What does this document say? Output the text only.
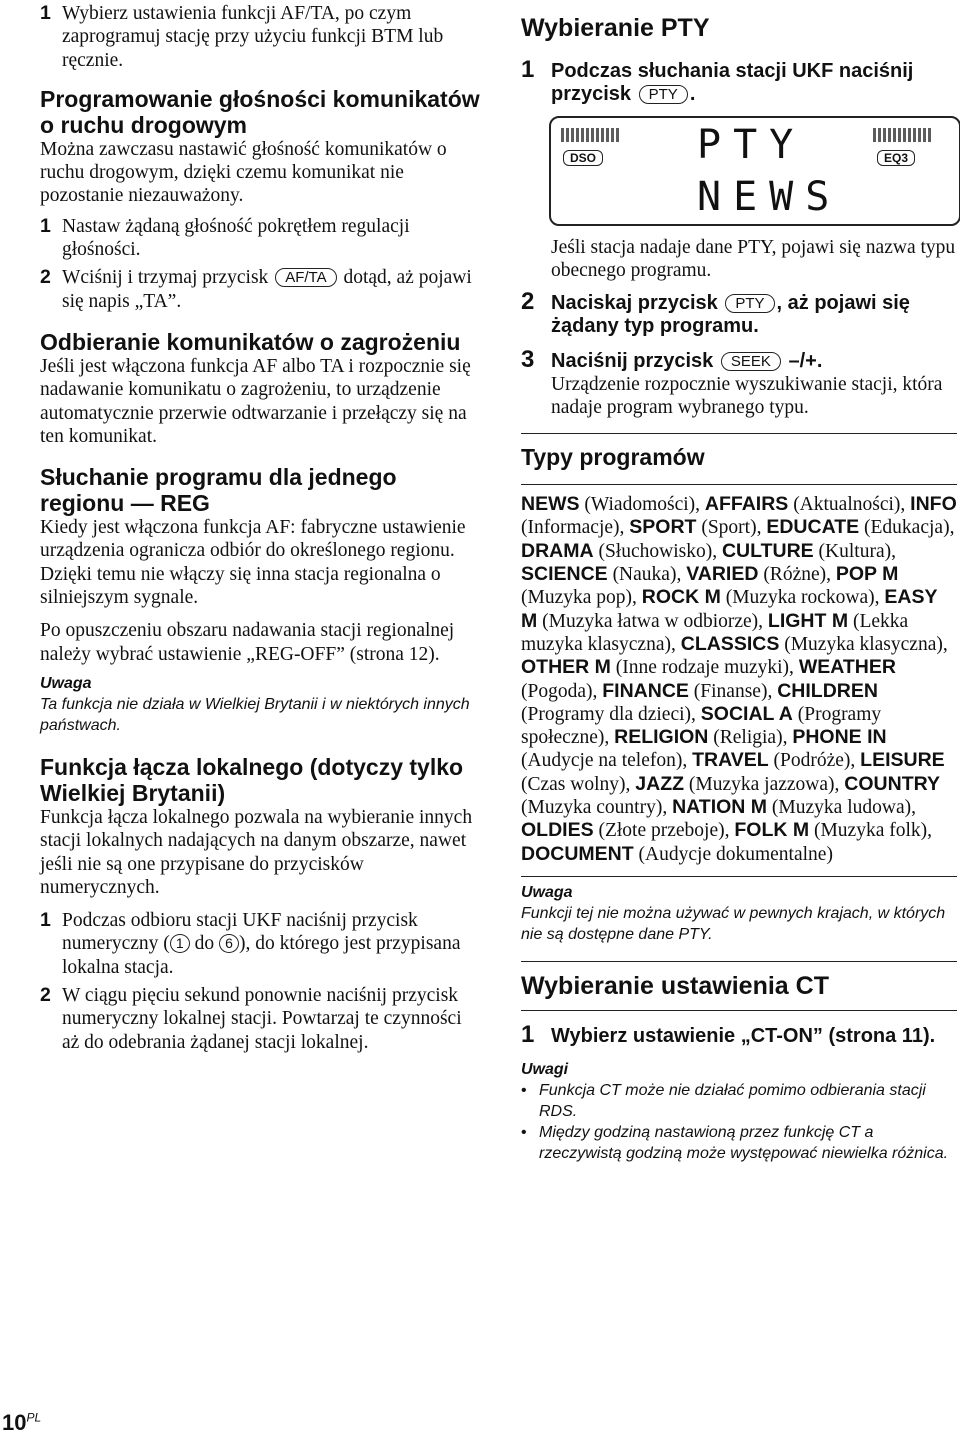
1 Wybierz ustawienia funkcji AF/TA, po czym zaprogramuj stację przy użyciu funkcji BTM lub ręcznie.
Programowanie głośności komunikatów o ruchu drogowym
Można zawczasu nastawić głośność komunikatów o ruchu drogowym, dzięki czemu komunikat nie pozostanie niezauważony.
1 Nastaw żądaną głośność pokrętłem regulacji głośności.
2 Wciśnij i trzymaj przycisk AF/TA dotąd, aż pojawi się napis „TA”.
Odbieranie komunikatów o zagrożeniu
Jeśli jest włączona funkcja AF albo TA i rozpocznie się nadawanie komunikatu o zagrożeniu, to urządzenie automatycznie przerwie odtwarzanie i przełączy się na ten komunikat.
Słuchanie programu dla jednego regionu — REG
Kiedy jest włączona funkcja AF: fabryczne ustawienie urządzenia ogranicza odbiór do określonego regionu. Dzięki temu nie włączy się inna stacja regionalna o silniejszym sygnale.
Po opuszczeniu obszaru nadawania stacji regionalnej należy wybrać ustawienie „REG-OFF” (strona 12).
Uwaga
Ta funkcja nie działa w Wielkiej Brytanii i w niektórych innych państwach.
Funkcja łącza lokalnego (dotyczy tylko Wielkiej Brytanii)
Funkcja łącza lokalnego pozwala na wybieranie innych stacji lokalnych nadających na danym obszarze, nawet jeśli nie są one przypisane do przycisków numerycznych.
1 Podczas odbioru stacji UKF naciśnij przycisk numeryczny ( 1 do 6 ), do którego jest przypisana lokalna stacja.
2 W ciągu pięciu sekund ponownie naciśnij przycisk numeryczny lokalnej stacji. Powtarzaj te czynności aż do odebrania żądanej stacji lokalnej.
Wybieranie PTY
1 Podczas słuchania stacji UKF naciśnij przycisk PTY .
DSO	EQ3
PTY
NEWS
Jeśli stacja nadaje dane PTY, pojawi się nazwa typu obecnego programu.
2 Naciskaj przycisk PTY , aż pojawi się żądany typ programu.
3 Naciśnij przycisk SEEK –/+.
Urządzenie rozpocznie wyszukiwanie stacji, która nadaje program wybranego typu.
Typy programów
NEWS (Wiadomości), AFFAIRS (Aktualności), INFO (Informacje), SPORT (Sport), EDUCATE (Edukacja), DRAMA (Słuchowisko), CULTURE (Kultura), SCIENCE (Nauka), VARIED (Różne), POP M (Muzyka pop), ROCK M (Muzyka rockowa), EASY M (Muzyka łatwa w odbiorze), LIGHT M (Lekka muzyka klasyczna), CLASSICS (Muzyka klasyczna), OTHER M (Inne rodzaje muzyki), WEATHER (Pogoda), FINANCE (Finanse), CHILDREN (Programy dla dzieci), SOCIAL A (Programy społeczne), RELIGION (Religia), PHONE IN (Audycje na telefon), TRAVEL (Podróże), LEISURE (Czas wolny), JAZZ (Muzyka jazzowa), COUNTRY (Muzyka country), NATION M (Muzyka ludowa), OLDIES (Złote przeboje), FOLK M (Muzyka folk), DOCUMENT (Audycje dokumentalne)
Uwaga
Funkcji tej nie można używać w pewnych krajach, w których nie są dostępne dane PTY.
Wybieranie ustawienia CT
1 Wybierz ustawienie „CT-ON” (strona 11).
Uwagi
• Funkcja CT może nie działać pomimo odbierania stacji RDS.
• Między godziną nastawioną przez funkcję CT a rzeczywistą godziną może występować niewielka różnica.
$10^{PL}$
